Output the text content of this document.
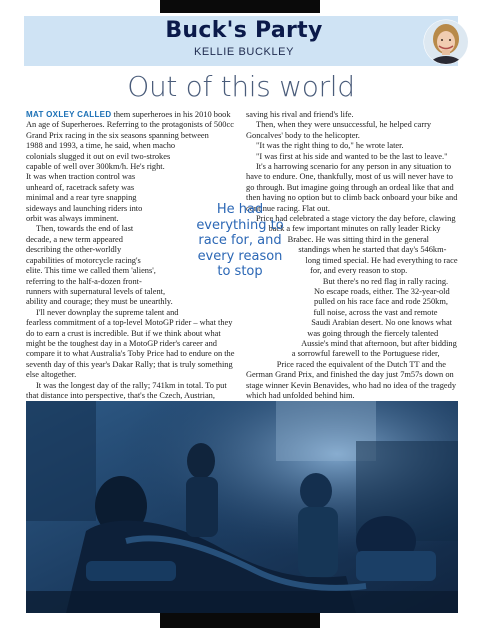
Buck's Party
KELLIE BUCKLEY
Out of this world

MAT OXLEY CALLED them superheroes in his 2010 book An age of Superheroes. Referring to the protagonists of 500cc Grand Prix racing in the six seasons spanning between 1988 and 1993, a time, he said, when macho colonials slugged it out on evil two-strokes capable of well over 300km/h. He's right. It was when traction control was unheard of, racetrack safety was minimal and a rear tyre snapping sideways and launching riders into orbit was always imminent.

Then, towards the end of last decade, a new term appeared describing the other-worldly capabilities of motorcycle racing's elite. This time we called them 'aliens', referring to the half-a-dozen front-runners with supernatural levels of talent, ability and courage; they must be unearthly.

I'll never downplay the supreme talent and fearless commitment of a top-level MotoGP rider – what they do to earn a crust is incredible. But if we think about what might be the toughest day in a MotoGP rider's career and compare it to what Australia's Toby Price had to endure on the seventh day of this year's Dakar Rally; that is truly something else altogether.

It was the longest day of the rally; 741km in total. To put that distance into perspective, that's the Czech, Austrian,

saving his rival and friend's life.

Then, when they were unsuccessful, he helped carry Goncalves' body to the helicopter.

"It was the right thing to do," he wrote later.

"I was first at his side and wanted to be the last to leave."

It's a harrowing scenario for any person in any situation to have to endure. One, thankfully, most of us will never have to go through. But imagine going through an ordeal like that and then having no option but to climb back onboard your bike and continue racing. Flat out.

Price had celebrated a stage victory the day before, clawing back a few important minutes on rally leader Ricky Brabec. He was sitting third in the general standings when he started that day's 546km-long timed special. He had everything to race for, and every reason to stop.

But there's no red flag in rally racing. No escape roads, either. The 32-year-old pulled on his race face and rode 250km, full noise, across the vast and remote Saudi Arabian desert. No one knows what was going through the fiercely talented Aussie's mind that afternoon, but after bidding a sorrowful farewell to the Portuguese rider, Price raced the equivalent of the Dutch TT and the German Grand Prix, and finished the day just 7m57s down on stage winner Kevin Benavides, who had no idea of the tragedy which had unfolded behind him.

He had everything to race for, and every reason to stop
